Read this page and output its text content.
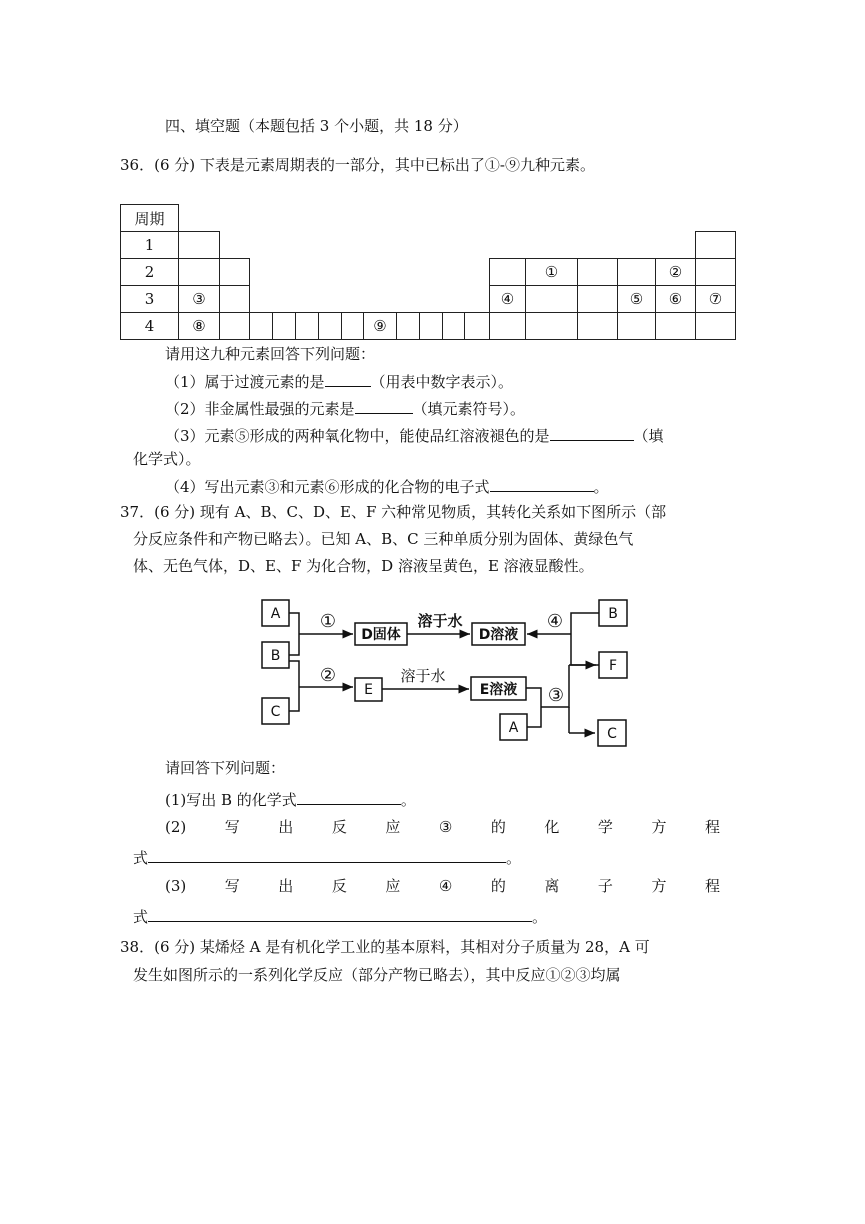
四、填空题（本题包括 3 个小题，共 18 分）
36．(6 分) 下表是元素周期表的一部分，其中已标出了①-⑨九种元素。
周期																		
1																		
2														①			②	
3	③												④			⑤	⑥	⑦
4	⑧							⑨										
请用这九种元素回答下列问题：
（1）属于过渡元素的是	（用表中数字表示）。
（2）非金属性最强的元素是	（填元素符号）。
（3）元素⑤形成的两种氧化物中，能使品红溶液褪色的是	（填
化学式）。
（4）写出元素③和元素⑥形成的化合物的电子式	。
37．(6 分) 现有 A、B、C、D、E、F 六种常见物质，其转化关系如下图所示（部
分反应条件和产物已略去）。已知 A、B、C 三种单质分别为固体、黄绿色气
体、无色气体，D、E、F 为化合物，D 溶液呈黄色，E 溶液显酸性。
A
B
C
D固体	D溶液
B
F
E	E溶液
A	C
溶于水
溶于水
①
②
③
④
请回答下列问题：
(1)写出 B 的化学式	。
(2)	写	出	反	应	③	的	化	学	方	程
式	。
(3)	写	出	反	应	④	的	离	子	方	程
式	。
38．(6 分) 某烯烃 A 是有机化学工业的基本原料，其相对分子质量为 28，A 可
发生如图所示的一系列化学反应（部分产物已略去），其中反应①②③均属
